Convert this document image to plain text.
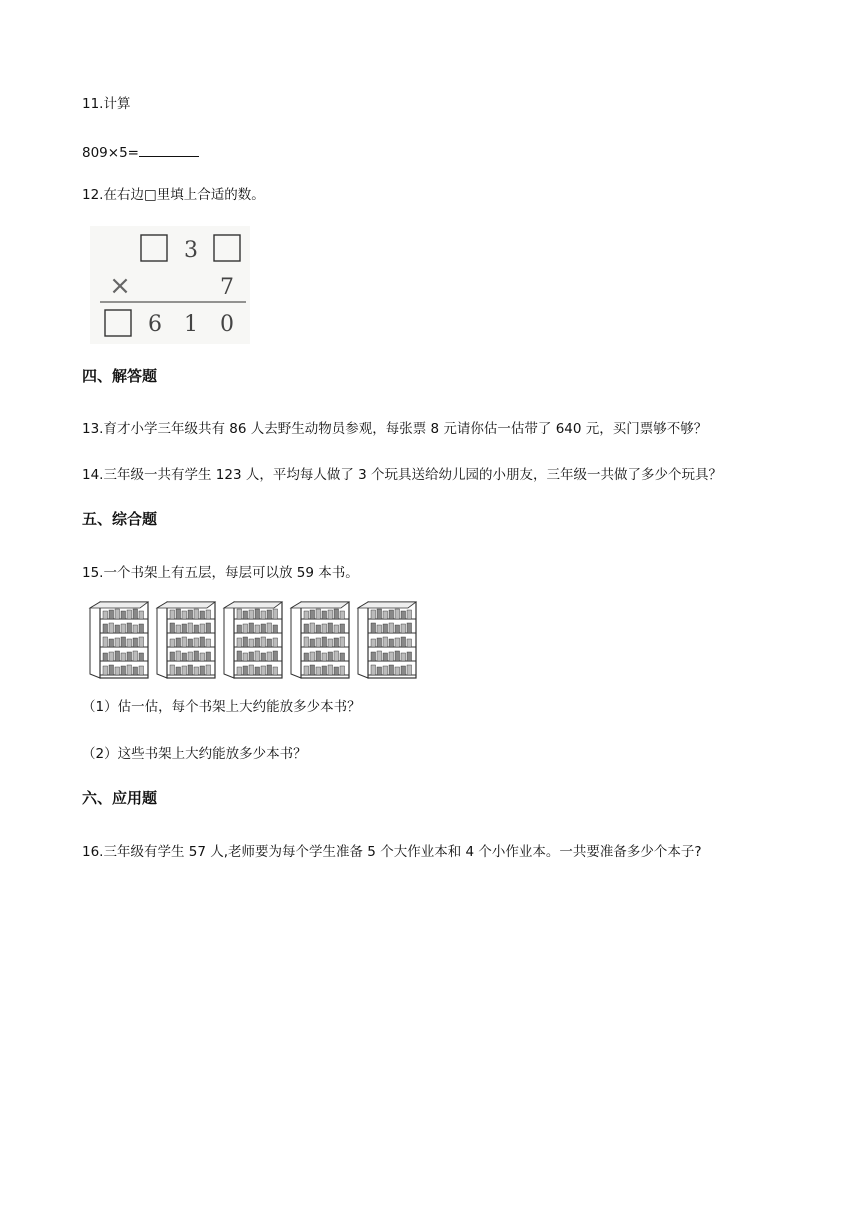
11.计算
809×5=
12.在右边□里填上合适的数。
3
×	7
6 1 0
四、解答题
13.育才小学三年级共有 86 人去野生动物员参观，每张票 8 元请你估一估带了 640 元，买门票够不够？
14.三年级一共有学生 123 人，平均每人做了 3 个玩具送给幼儿园的小朋友，三年级一共做了多少个玩具？
五、综合题
15.一个书架上有五层，每层可以放 59 本书。
（1）估一估，每个书架上大约能放多少本书？
（2）这些书架上大约能放多少本书？
六、应用题
16.三年级有学生 57 人,老师要为每个学生准备 5 个大作业本和 4 个小作业本。一共要准备多少个本子?
